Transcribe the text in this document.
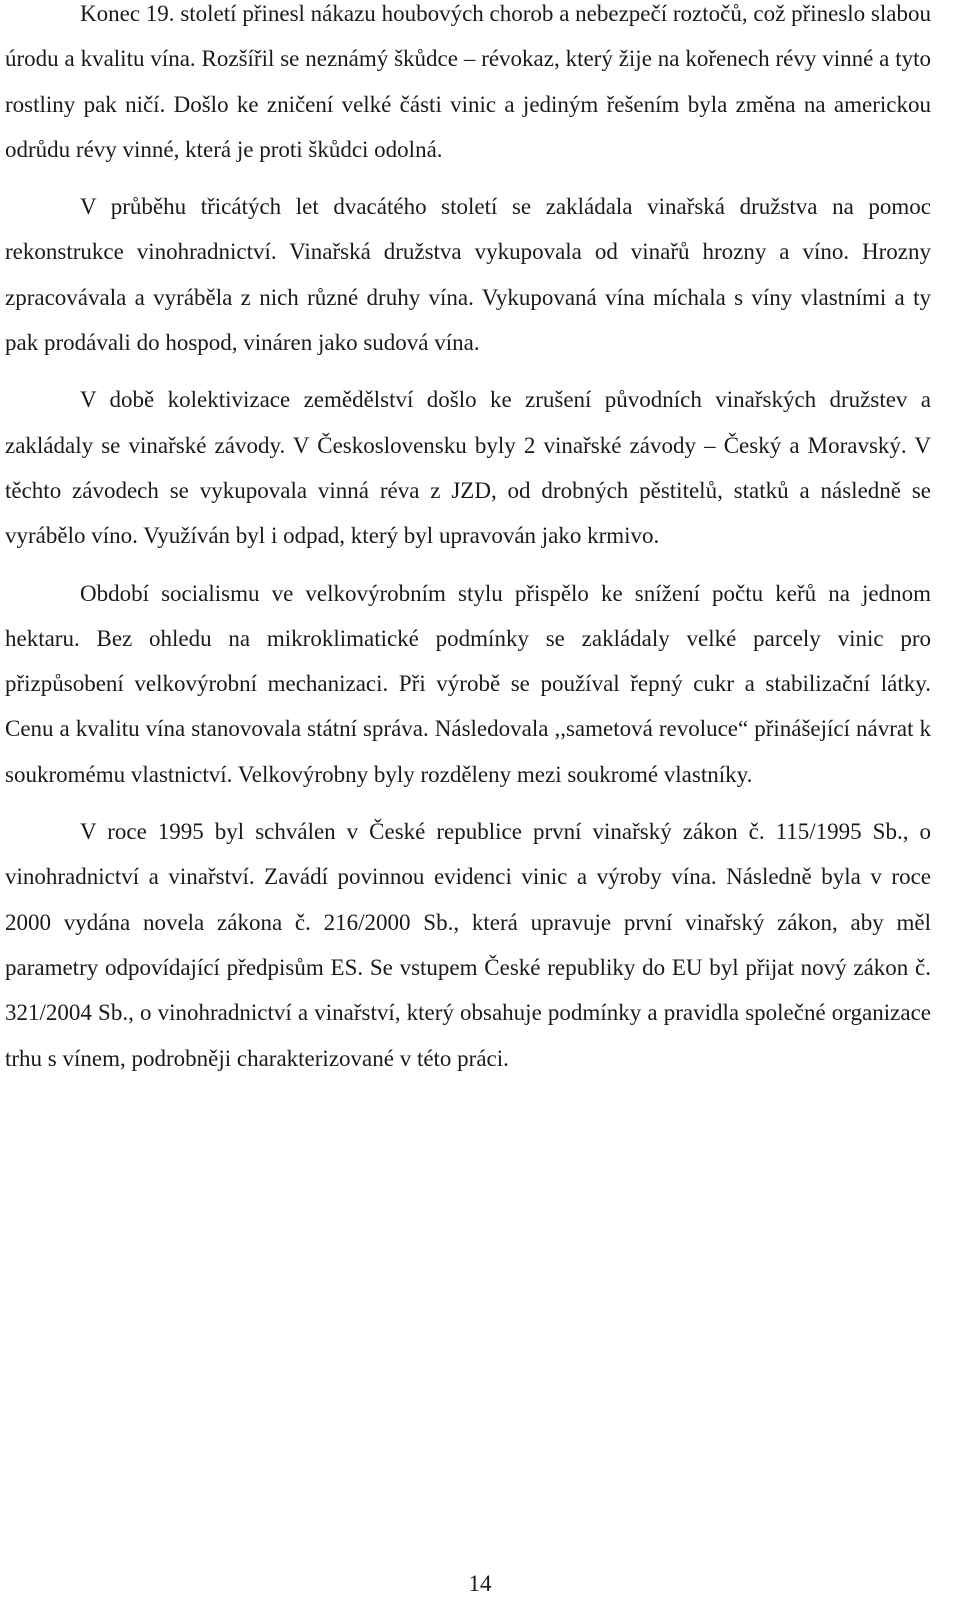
Konec 19. století přinesl nákazu houbových chorob a nebezpečí roztočů, což přineslo slabou úrodu a kvalitu vína. Rozšířil se neznámý škůdce – révokaz, který žije na kořenech révy vinné a tyto rostliny pak ničí. Došlo ke zničení velké části vinic a jediným řešením byla změna na americkou odrůdu révy vinné, která je proti škůdci odolná.

V průběhu třicátých let dvacátého století se zakládala vinařská družstva na pomoc rekonstrukce vinohradnictví. Vinařská družstva vykupovala od vinařů hrozny a víno. Hrozny zpracovávala a vyráběla z nich různé druhy vína. Vykupovaná vína míchala s víny vlastními a ty pak prodávali do hospod, vináren jako sudová vína.

V době kolektivizace zemědělství došlo ke zrušení původních vinařských družstev a zakládaly se vinařské závody. V Československu byly 2 vinařské závody – Český a Moravský. V těchto závodech se vykupovala vinná réva z JZD, od drobných pěstitelů, statků a následně se vyrábělo víno. Využíván byl i odpad, který byl upravován jako krmivo.

Období socialismu ve velkovýrobním stylu přispělo ke snížení počtu keřů na jednom hektaru. Bez ohledu na mikroklimatické podmínky se zakládaly velké parcely vinic pro přizpůsobení velkovýrobní mechanizaci. Při výrobě se používal řepný cukr a stabilizační látky. Cenu a kvalitu vína stanovovala státní správa. Následovala ,,sametová revoluce“ přinášející návrat k soukromému vlastnictví. Velkovýrobny byly rozděleny mezi soukromé vlastníky.

V roce 1995 byl schválen v České republice první vinařský zákon č. 115/1995 Sb., o vinohradnictví a vinařství. Zavádí povinnou evidenci vinic a výroby vína. Následně byla v roce 2000 vydána novela zákona č. 216/2000 Sb., která upravuje první vinařský zákon, aby měl parametry odpovídající předpisům ES. Se vstupem České republiky do EU byl přijat nový zákon č. 321/2004 Sb., o vinohradnictví a vinařství, který obsahuje podmínky a pravidla společné organizace trhu s vínem, podrobněji charakterizované v této práci.

14
